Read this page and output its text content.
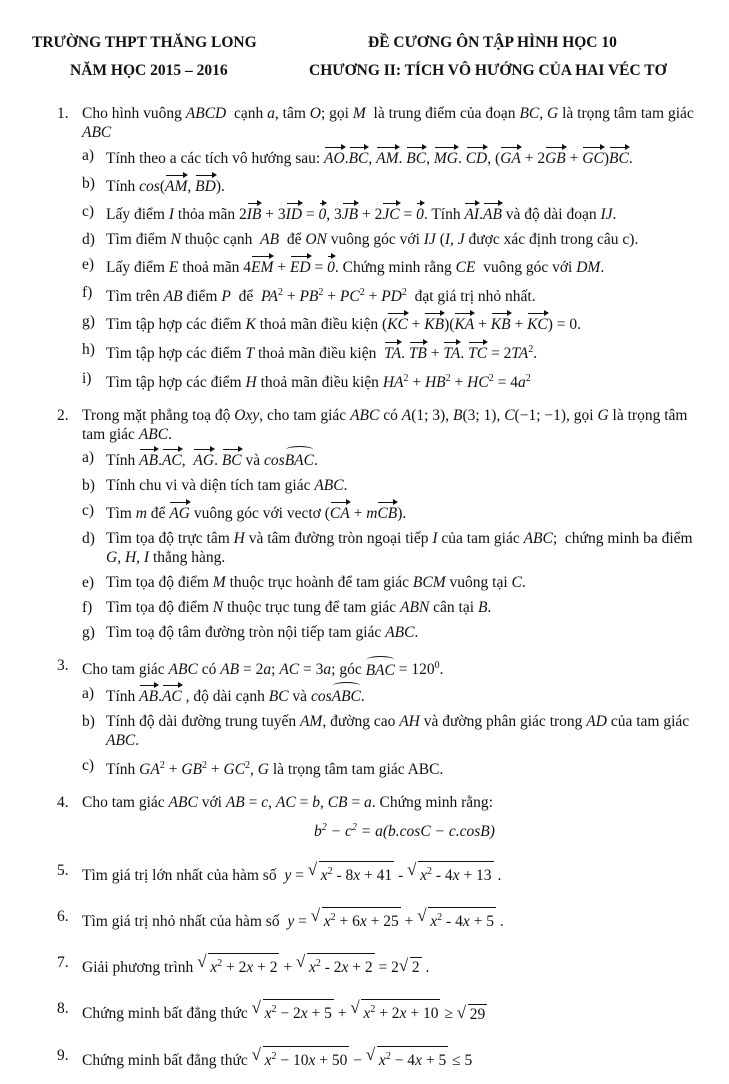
TRƯỜNG THPT THĂNG LONG
NĂM HỌC 2015 – 2016
ĐỀ CƯƠNG ÔN TẬP HÌNH HỌC 10
CHƯƠNG II: TÍCH VÔ HƯỚNG CỦA HAI VÉC TƠ
1. Cho hình vuông ABCD  cạnh a, tâm O; gọi M  là trung điểm của đoạn BC, G là trọng tâm tam giác ABC
a) Tính theo a các tích vô hướng sau: AO.BC, AM. BC, MG. CD, (GA + 2GB + GC)BC.
b) Tính cos(AM, BD).
c) Lấy điểm I thỏa mãn 2IB + 3ID = 0, 3JB + 2JC = 0. Tính AI.AB và độ dài đoạn IJ.
d) Tìm điểm N thuộc cạnh  AB  để ON vuông góc với IJ (I, J được xác định trong câu c).
e) Lấy điểm E thoả mãn 4EM + ED = 0. Chứng minh rằng CE  vuông góc với DM.
f) Tìm trên AB điểm P  để  $PA^2 + PB^2 + PC^2 + PD^2$  đạt giá trị nhỏ nhất.
g) Tìm tập hợp các điểm K thoả mãn điều kiện (KC + KB)(KA + KB + KC) = 0.
h) Tìm tập hợp các điểm T thoả mãn điều kiện  TA. TB + TA. TC = $2TA^2$.
i) Tìm tập hợp các điểm H thoả mãn điều kiện $HA^2 + HB^2 + HC^2 = 4a^2$
2. Trong mặt phẳng toạ độ Oxy, cho tam giác ABC có A(1; 3), B(3; 1), C(−1; −1), gọi G là trọng tâm tam giác ABC.
a) Tính AB.AC,  AG. BC và cosBAC.
b) Tính chu vi và diện tích tam giác ABC.
c) Tìm m để AG vuông góc với vectơ (CA + mCB).
d) Tìm tọa độ trực tâm H và tâm đường tròn ngoại tiếp I của tam giác ABC;  chứng minh ba điểm G, H, I thẳng hàng.
e) Tìm tọa độ điểm M thuộc trục hoành để tam giác BCM vuông tại C.
f) Tìm tọa độ điểm N thuộc trục tung để tam giác ABN cân tại B.
g) Tìm toạ độ tâm đường tròn nội tiếp tam giác ABC.
3. Cho tam giác ABC có AB = 2a; AC = 3a; góc BAC = $120^0$.
a) Tính AB.AC , độ dài cạnh BC và cosABC.
b) Tính độ dài đường trung tuyến AM, đường cao AH và đường phân giác trong AD của tam giác ABC.
c) Tính $GA^2 + GB^2 + GC^2$, G là trọng tâm tam giác ABC.
4. Cho tam giác ABC với AB = c, AC = b, CB = a. Chứng minh rằng:
$b^2 - c^2 = a(b.\cos C - c.\cos B)$
5. Tìm giá trị lớn nhất của hàm số  y = √ $x^2 - 8x + 41$ - √ $x^2 - 4x + 13$ .
6. Tìm giá trị nhỏ nhất của hàm số  y = √ $x^2 + 6x + 25$ + √ $x^2 - 4x + 5$ .
7. Giải phương trình √ $x^2 + 2x + 2$ + √ $x^2 - 2x + 2 = 2√$ 2 .
8. Chứng minh bất đẳng thức √ $x^2 - 2x + 5$ + √ $x^2 + 2x + 10$ ≥ √ 29
9. Chứng minh bất đẳng thức √ $x^2 - 10x + 50$ − √ $x^2 - 4x + 5 \le 5$
